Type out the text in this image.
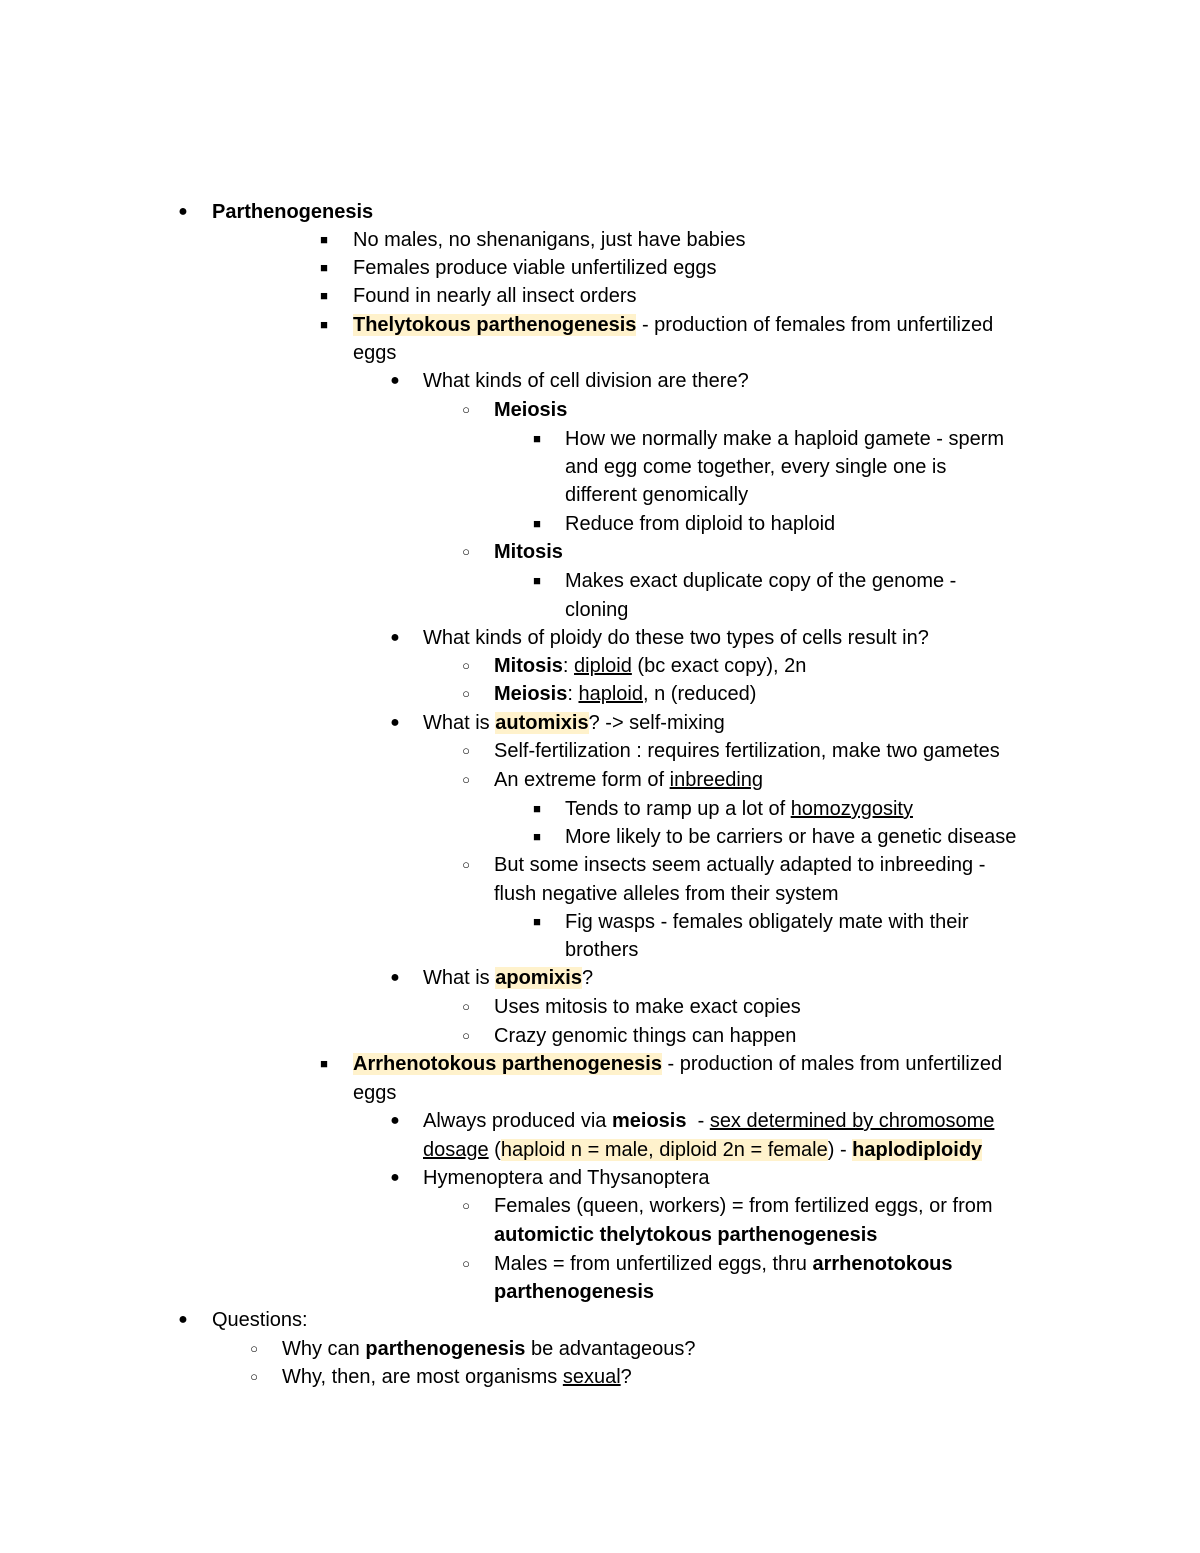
● Parthenogenesis
■ No males, no shenanigans, just have babies
■ Females produce viable unfertilized eggs
■ Found in nearly all insect orders
■ Thelytokous parthenogenesis - production of females from unfertilized
eggs
● What kinds of cell division are there?
○ Meiosis
■ How we normally make a haploid gamete - sperm
and egg come together, every single one is
different genomically
■ Reduce from diploid to haploid
○ Mitosis
■ Makes exact duplicate copy of the genome -
cloning
● What kinds of ploidy do these two types of cells result in?
○ Mitosis: diploid (bc exact copy), 2n
○ Meiosis: haploid, n (reduced)
● What is automixis? -> self-mixing
○ Self-fertilization : requires fertilization, make two gametes
○ An extreme form of inbreeding
■ Tends to ramp up a lot of homozygosity
■ More likely to be carriers or have a genetic disease
○ But some insects seem actually adapted to inbreeding -
flush negative alleles from their system
■ Fig wasps - females obligately mate with their
brothers
● What is apomixis?
○ Uses mitosis to make exact copies
○ Crazy genomic things can happen
■ Arrhenotokous parthenogenesis - production of males from unfertilized
eggs
● Always produced via meiosis  - sex determined by chromosome
dosage (haploid n = male, diploid 2n = female) - haplodiploidy
● Hymenoptera and Thysanoptera
○ Females (queen, workers) = from fertilized eggs, or from
automictic thelytokous parthenogenesis
○ Males = from unfertilized eggs, thru arrhenotokous
parthenogenesis
● Questions:
○ Why can parthenogenesis be advantageous?
○ Why, then, are most organisms sexual?
